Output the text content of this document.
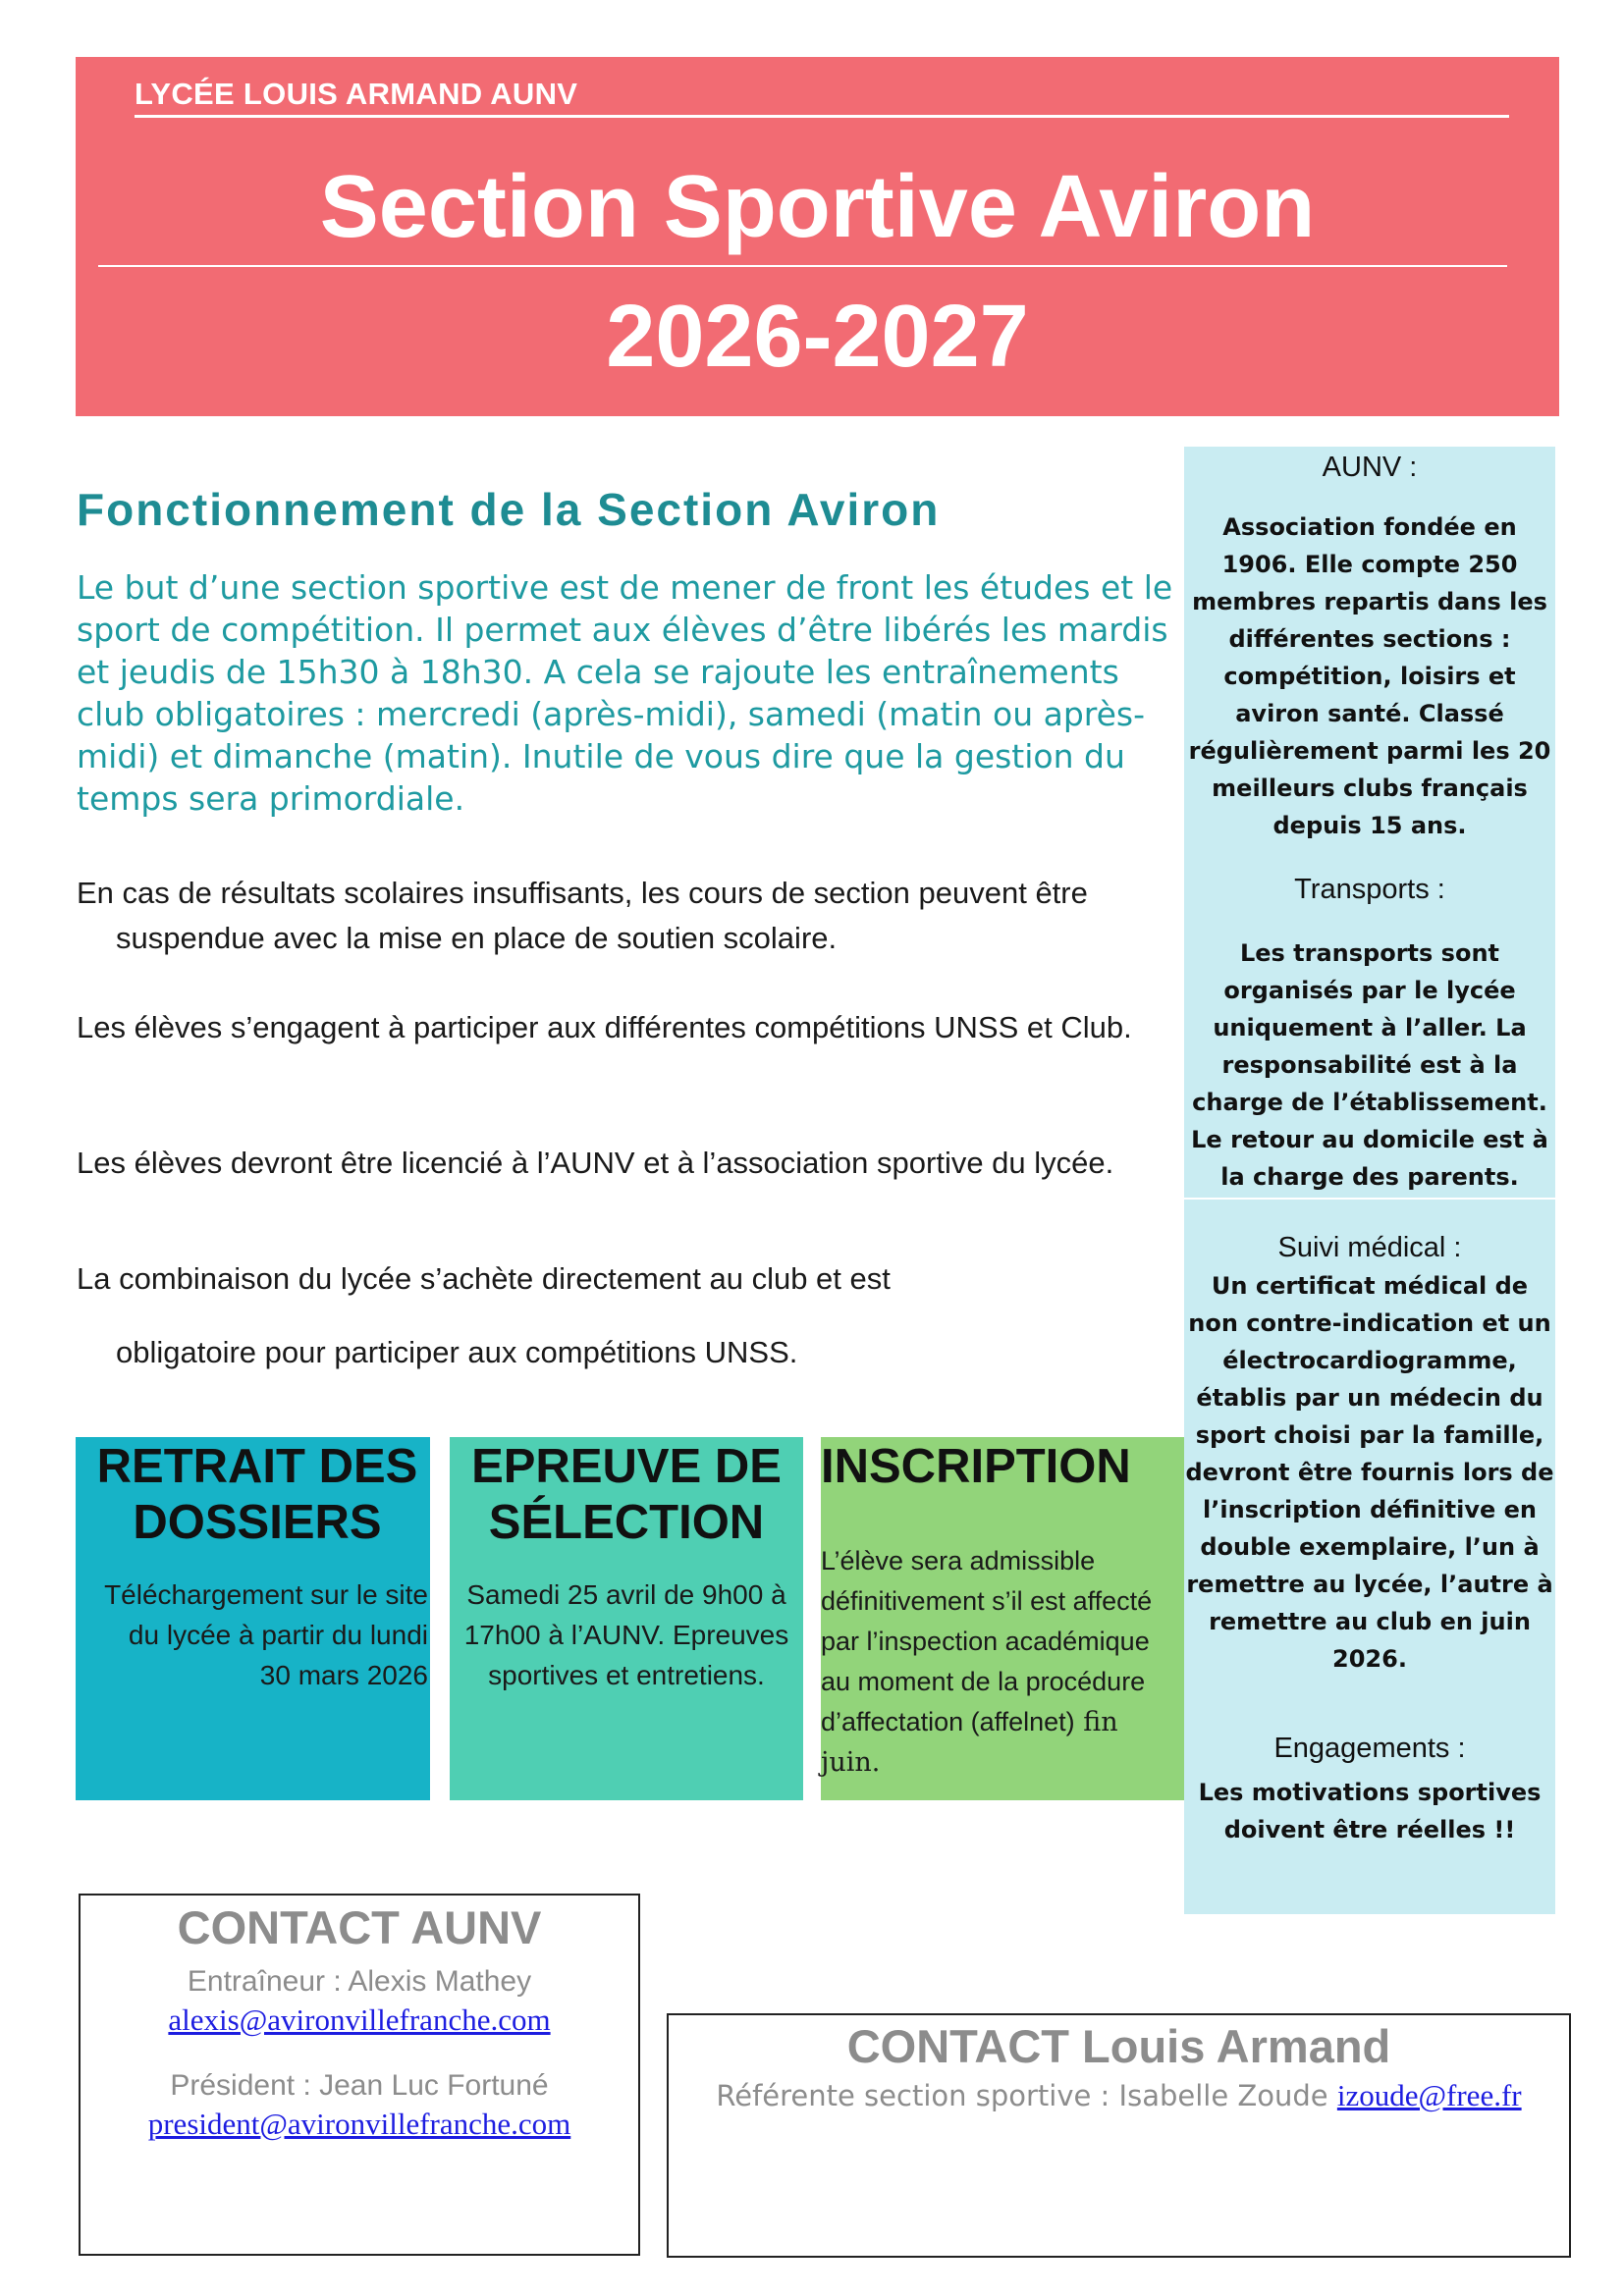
LYCÉE LOUIS ARMAND AUNV
Section Sportive Aviron
2026-2027
Fonctionnement de la Section Aviron
Le but d’une section sportive est de mener de front les études et le sport de compétition. Il permet aux élèves d’être libérés les mardis et jeudis de 15h30 à 18h30. A cela se rajoute les entraînements club obligatoires : mercredi (après-midi), samedi (matin ou après-midi) et dimanche (matin). Inutile de vous dire que la gestion du temps sera primordiale.
En cas de résultats scolaires insuffisants, les cours de section peuvent être suspendue avec la mise en place de soutien scolaire.
Les élèves s’engagent à participer aux différentes compétitions UNSS et Club.
Les élèves devront être licencié à l’AUNV et à l’association sportive du lycée.
La combinaison du lycée s’achète directement au club et est
obligatoire pour participer aux compétitions UNSS.
RETRAIT DES
DOSSIERS
Téléchargement sur le site du lycée à partir du lundi 30 mars 2026
EPREUVE DE
SÉLECTION
Samedi 25 avril de 9h00 à 17h00 à l’AUNV. Epreuves sportives et entretiens.
INSCRIPTION
L’élève sera admissible définitivement s’il est affecté par l’inspection académique au moment de la procédure d’affectation (affelnet) fin juin.
AUNV :
Association fondée en 1906. Elle compte 250 membres repartis dans les différentes sections : compétition, loisirs et aviron santé. Classé régulièrement parmi les 20 meilleurs clubs français depuis 15 ans.
Transports :
Les transports sont organisés par le lycée uniquement à l’aller. La responsabilité est à la charge de l’établissement. Le retour au domicile est à la charge des parents.
Suivi médical :
Un certificat médical de non contre-indication et un électrocardiogramme, établis par un médecin du sport choisi par la famille, devront être fournis lors de l’inscription définitive en double exemplaire, l’un à remettre au lycée, l’autre à remettre au club en juin 2026.
Engagements :
Les motivations sportives doivent être réelles !!
CONTACT AUNV
Entraîneur : Alexis Mathey
alexis@avironvillefranche.com
Président : Jean Luc Fortuné
president@avironvillefranche.com
CONTACT Louis Armand
Référente section sportive : Isabelle Zoude izoude@free.fr
